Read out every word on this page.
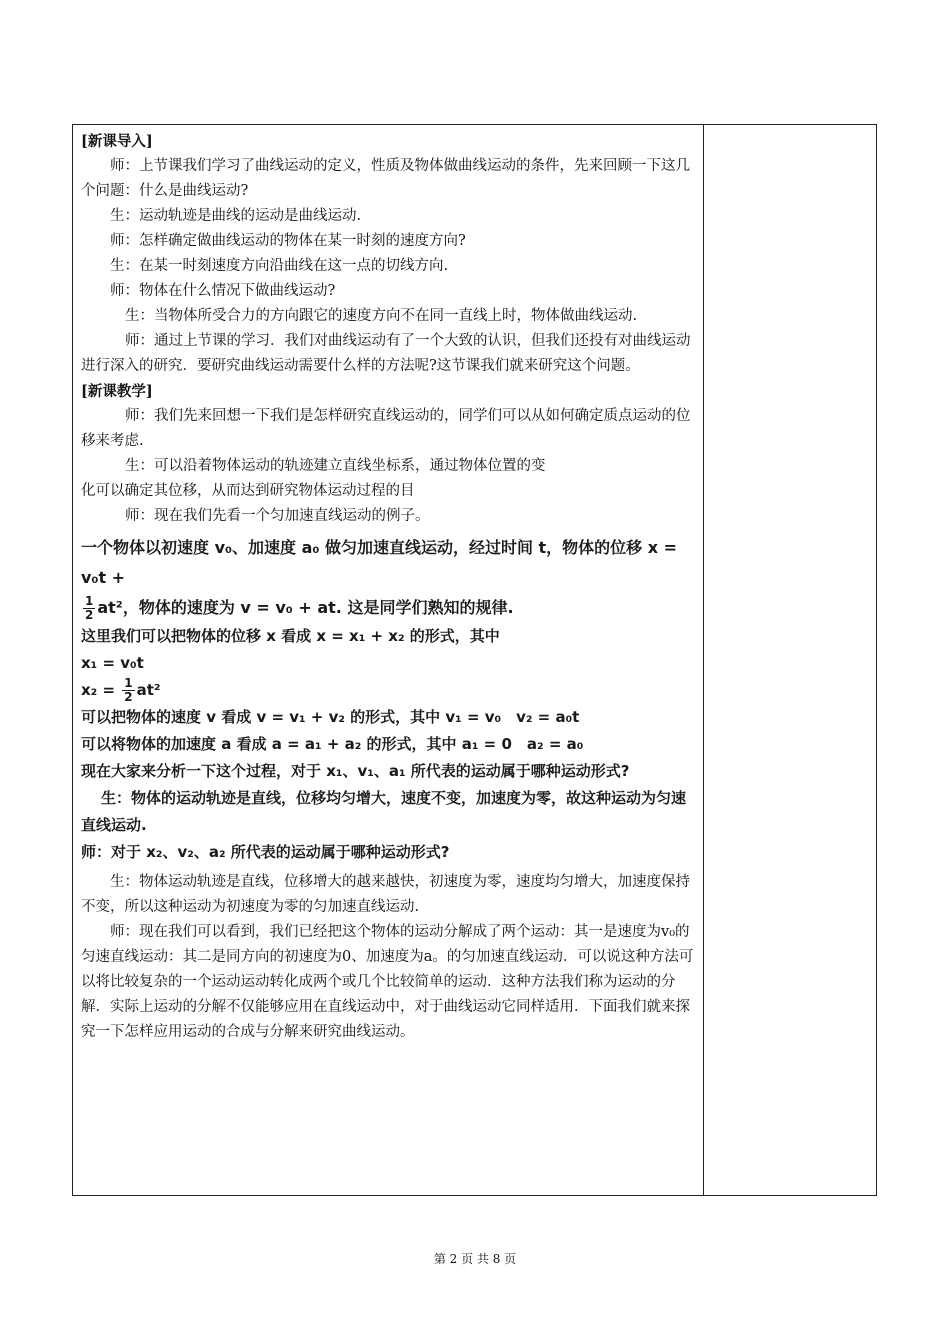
[新课导入]

师：上节课我们学习了曲线运动的定义，性质及物体做曲线运动的条件，先来回顾一下这几个问题：什么是曲线运动?

生：运动轨迹是曲线的运动是曲线运动.

师：怎样确定做曲线运动的物体在某一时刻的速度方向?

生：在某一时刻速度方向沿曲线在这一点的切线方向.

师：物体在什么情况下做曲线运动?

生：当物体所受合力的方向跟它的速度方向不在同一直线上时，物体做曲线运动.

师：通过上节课的学习．我们对曲线运动有了一个大致的认识，但我们还投有对曲线运动进行深入的研究．要研究曲线运动需要什么样的方法呢?这节课我们就来研究这个问题。

[新课教学]

师：我们先来回想一下我们是怎样研究直线运动的，同学们可以从如何确定质点运动的位移来考虑.

生：可以沿着物体运动的轨迹建立直线坐标系，通过物体位置的变

化可以确定其位移，从而达到研究物体运动过程的目

师：现在我们先看一个匀加速直线运动的例子。

一个物体以初速度 v₀、加速度 a₀ 做匀加速直线运动，经过时间 t，物体的位移 x = v₀t +

$\frac{1}{2} at^2$，物体的速度为 v = v₀ + at. 这是同学们熟知的规律.

这里我们可以把物体的位移 x 看成 x = x₁ + x₂ 的形式，其中

x₁ = v₀t

$x_2 = \frac{1}{2} at^2$

可以把物体的速度 v 看成 v = v₁ + v₂ 的形式，其中 v₁ = v₀　v₂ = a₀t

可以将物体的加速度 a 看成 a = a₁ + a₂ 的形式，其中 a₁ = 0　a₂ = a₀

现在大家来分析一下这个过程，对于 x₁、v₁、a₁ 所代表的运动属于哪种运动形式?

生：物体的运动轨迹是直线，位移均匀增大，速度不变，加速度为零，故这种运动为匀速直线运动.

师：对于 x₂、v₂、a₂ 所代表的运动属于哪种运动形式?

生：物体运动轨迹是直线，位移增大的越来越快，初速度为零，速度均匀增大，加速度保持不变，所以这种运动为初速度为零的匀加速直线运动.

师：现在我们可以看到，我们已经把这个物体的运动分解成了两个运动：其一是速度为v₀的匀速直线运动：其二是同方向的初速度为0、加速度为a。的匀加速直线运动．可以说这种方法可以将比较复杂的一个运动运动转化成两个或几个比较简单的运动．这种方法我们称为运动的分解．实际上运动的分解不仅能够应用在直线运动中，对于曲线运动它同样适用．下面我们就来探究一下怎样应用运动的合成与分解来研究曲线运动。

第 2 页 共 8 页
